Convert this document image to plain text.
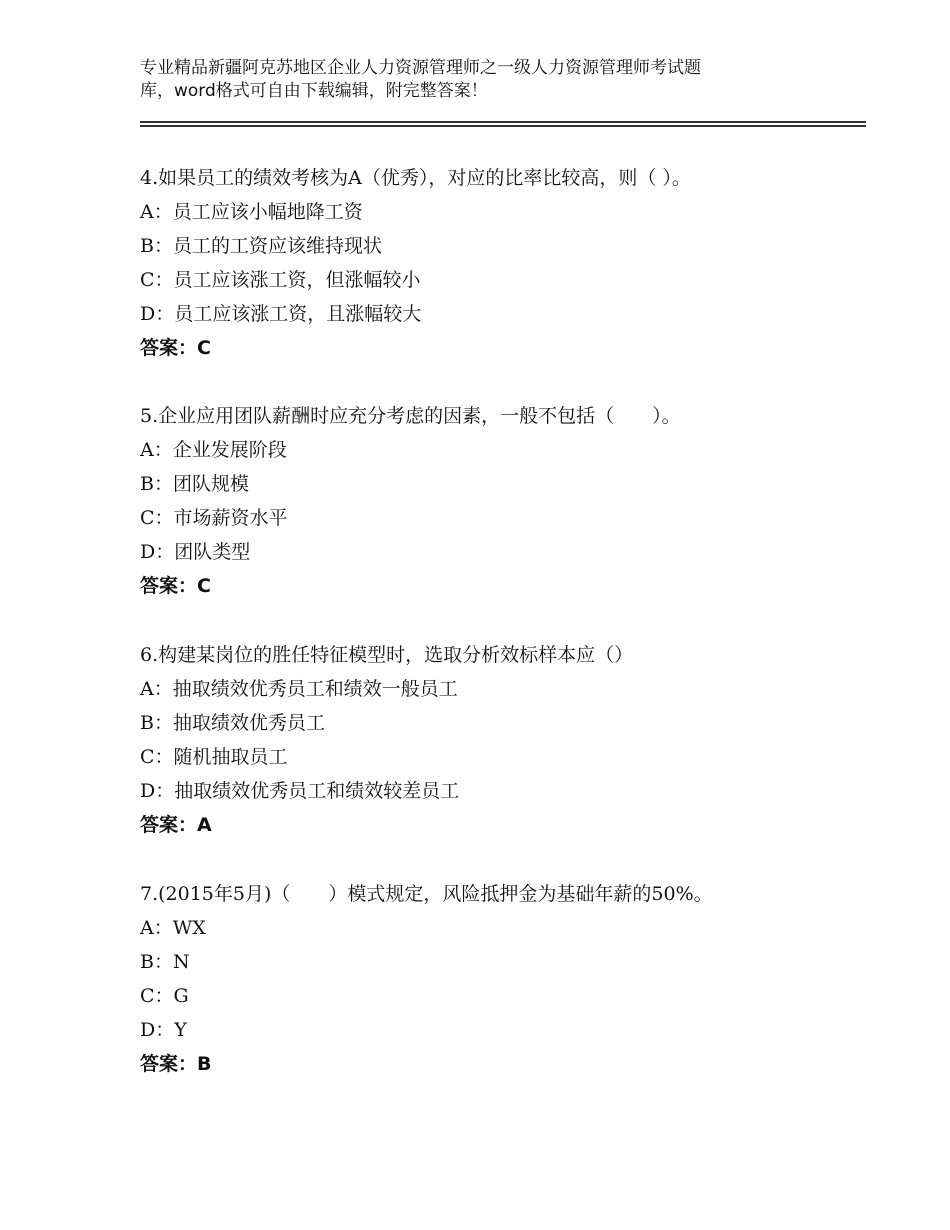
专业精品新疆阿克苏地区企业人力资源管理师之一级人力资源管理师考试题
库，word格式可自由下载编辑，附完整答案！
4.如果员工的绩效考核为A（优秀），对应的比率比较高，则（ ）。
A：员工应该小幅地降工资
B：员工的工资应该维持现状
C：员工应该涨工资，但涨幅较小
D：员工应该涨工资，且涨幅较大
答案：C
5.企业应用团队薪酬时应充分考虑的因素，一般不包括（　　）。
A：企业发展阶段
B：团队规模
C：市场薪资水平
D：团队类型
答案：C
6.构建某岗位的胜任特征模型时，选取分析效标样本应（）
A：抽取绩效优秀员工和绩效一般员工
B：抽取绩效优秀员工
C：随机抽取员工
D：抽取绩效优秀员工和绩效较差员工
答案：A
7.(2015年5月)（　　）模式规定，风险抵押金为基础年薪的50%。
A：WX
B：N
C：G
D：Y
答案：B
